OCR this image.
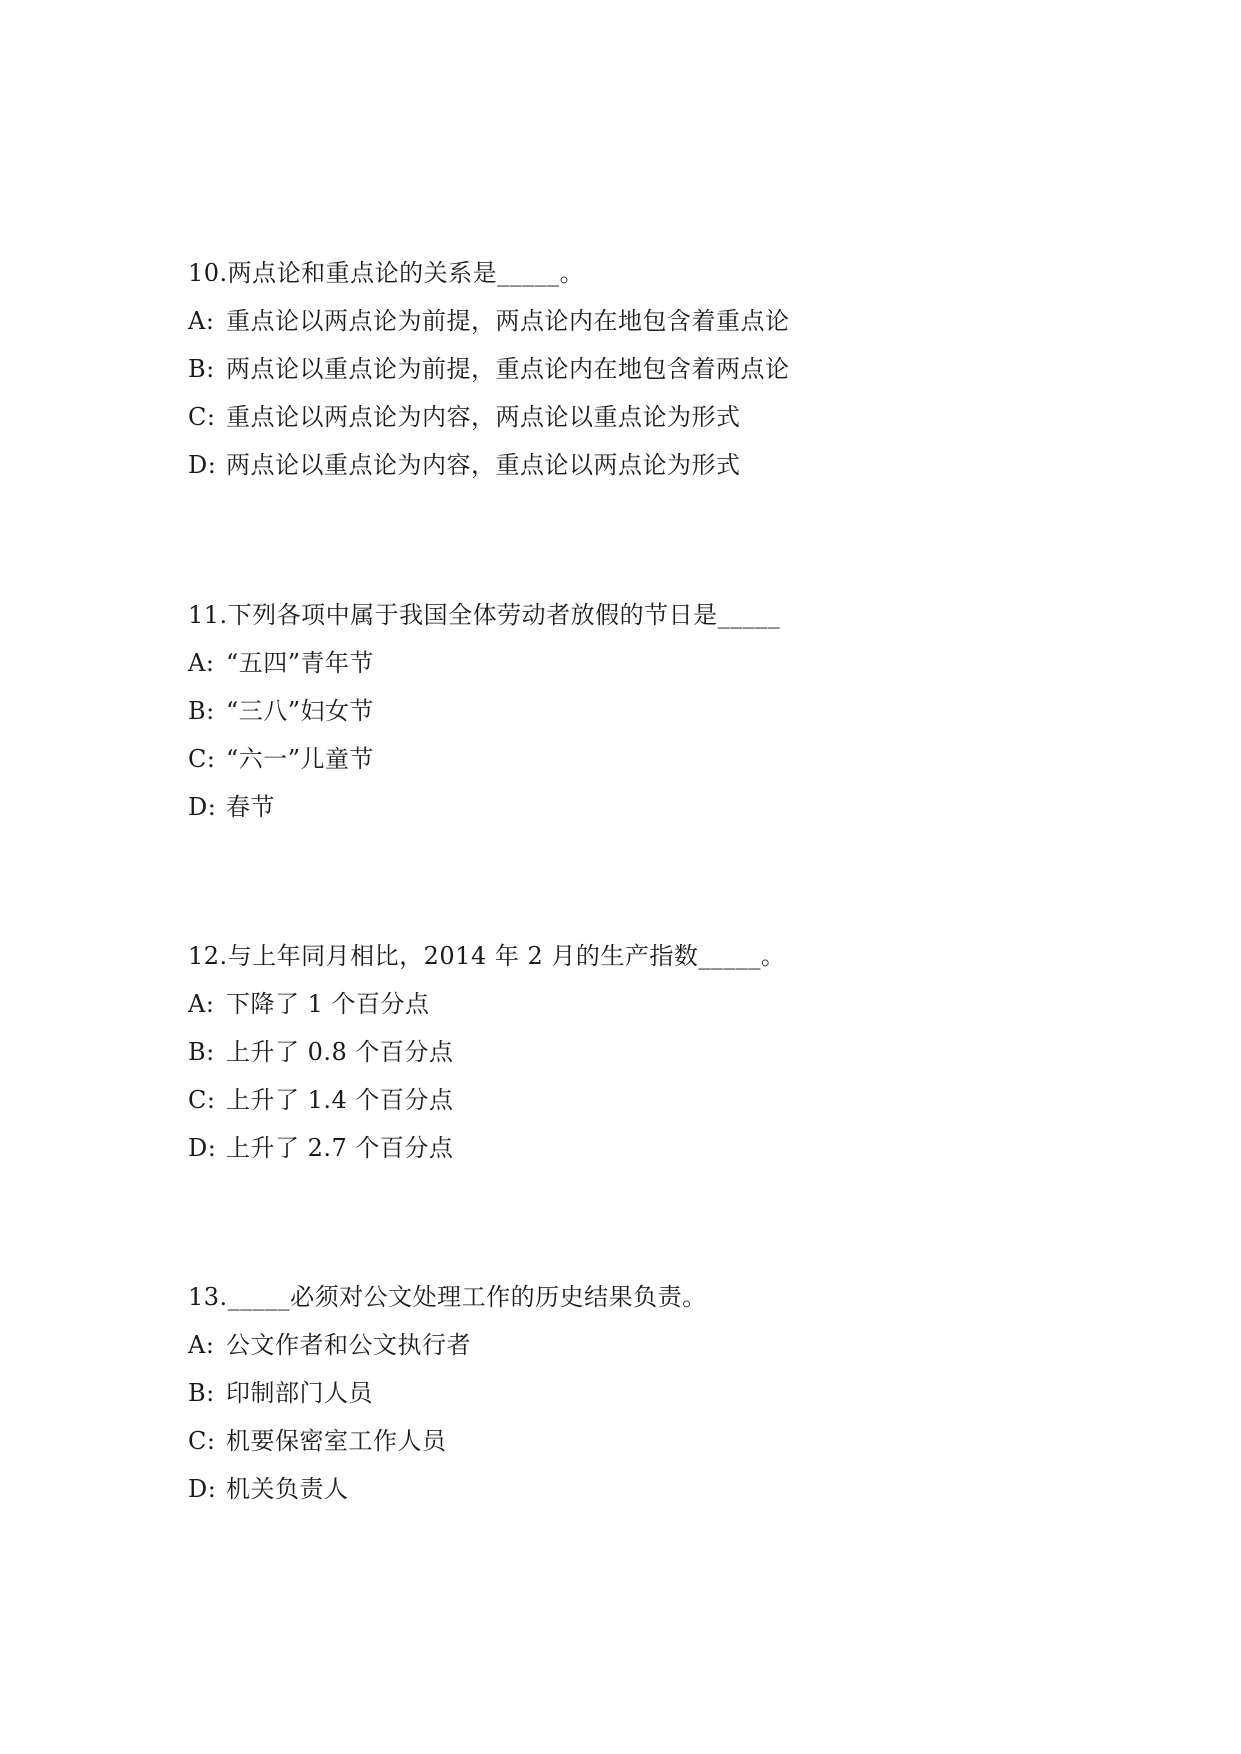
10.两点论和重点论的关系是_____。
A: 重点论以两点论为前提，两点论内在地包含着重点论
B: 两点论以重点论为前提，重点论内在地包含着两点论
C: 重点论以两点论为内容，两点论以重点论为形式
D: 两点论以重点论为内容，重点论以两点论为形式
11.下列各项中属于我国全体劳动者放假的节日是_____
A: “五四”青年节
B: “三八”妇女节
C: “六一”儿童节
D: 春节
12.与上年同月相比，2014 年 2 月的生产指数_____。
A: 下降了 1 个百分点
B: 上升了 0.8 个百分点
C: 上升了 1.4 个百分点
D: 上升了 2.7 个百分点
13._____必须对公文处理工作的历史结果负责。
A: 公文作者和公文执行者
B: 印制部门人员
C: 机要保密室工作人员
D: 机关负责人
